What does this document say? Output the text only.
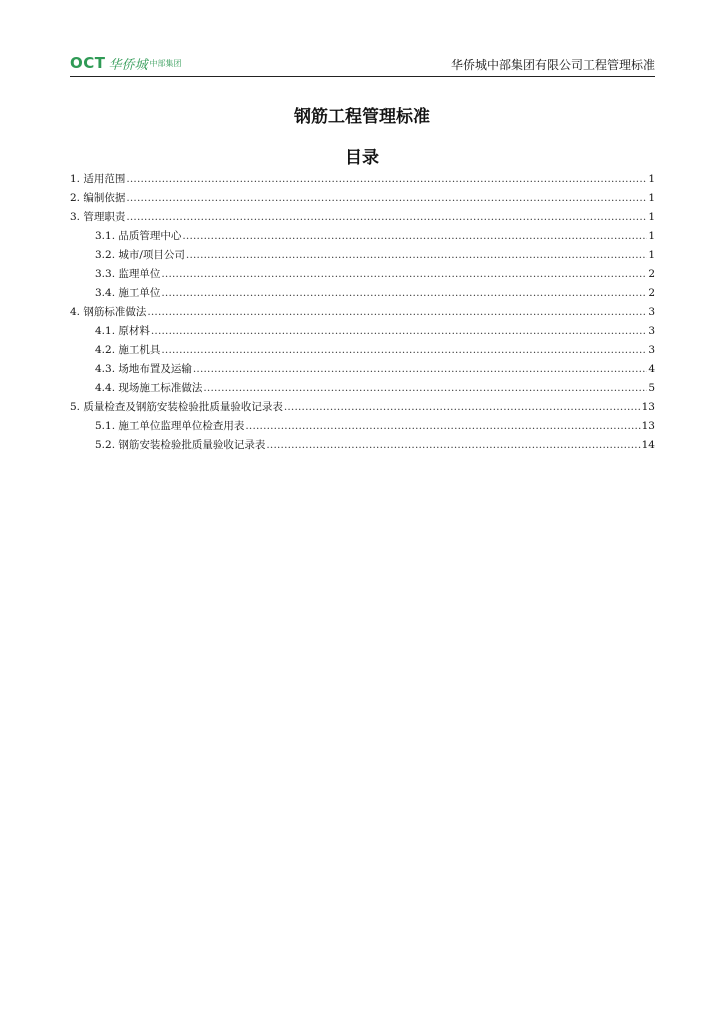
OCT 华侨城 中部集团	华侨城中部集团有限公司工程管理标准
钢筋工程管理标准
目录
1. 适用范围 .....	1
2. 编制依据 .....	1
3. 管理职责 .....	1
3.1. 品质管理中心 .....	1
3.2. 城市/项目公司 .....	1
3.3. 监理单位 .....	2
3.4. 施工单位 .....	2
4. 钢筋标准做法 .....	3
4.1. 原材料 .....	3
4.2. 施工机具 .....	3
4.3. 场地布置及运输 .....	4
4.4. 现场施工标准做法 .....	5
5. 质量检查及钢筋安装检验批质量验收记录表 .....	13
5.1. 施工单位监理单位检查用表 .....	13
5.2. 钢筋安装检验批质量验收记录表 .....	14
